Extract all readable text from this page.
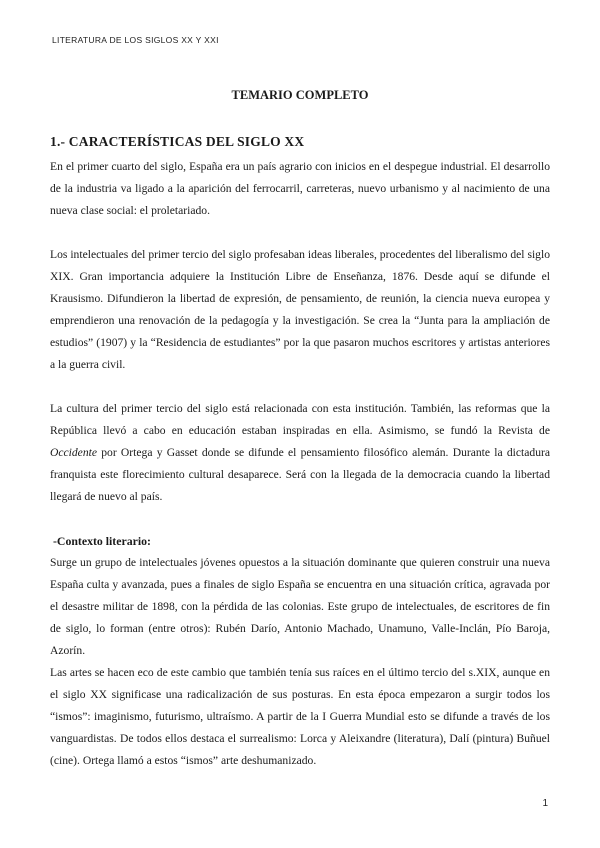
LITERATURA DE LOS SIGLOS XX Y XXI
TEMARIO COMPLETO
1.- CARACTERÍSTICAS DEL SIGLO XX

En el primer cuarto del siglo, España era un país agrario con inicios en el despegue industrial. El desarrollo de la industria va ligado a la aparición del ferrocarril, carreteras, nuevo urbanismo y al nacimiento de una nueva clase social: el proletariado.

Los intelectuales del primer tercio del siglo profesaban ideas liberales, procedentes del liberalismo del siglo XIX. Gran importancia adquiere la Institución Libre de Enseñanza, 1876. Desde aquí se difunde el Krausismo. Difundieron la libertad de expresión, de pensamiento, de reunión, la ciencia nueva europea y emprendieron una renovación de la pedagogía y la investigación. Se crea la “Junta para la ampliación de estudios” (1907) y la “Residencia de estudiantes” por la que pasaron muchos escritores y artistas anteriores a la guerra civil.

La cultura del primer tercio del siglo está relacionada con esta institución. También, las reformas que la República llevó a cabo en educación estaban inspiradas en ella. Asimismo, se fundó la Revista de Occidente por Ortega y Gasset donde se difunde el pensamiento filosófico alemán. Durante la dictadura franquista este florecimiento cultural desaparece. Será con la llegada de la democracia cuando la libertad llegará de nuevo al país.

-Contexto literario:

Surge un grupo de intelectuales jóvenes opuestos a la situación dominante que quieren construir una nueva España culta y avanzada, pues a finales de siglo España se encuentra en una situación crítica, agravada por el desastre militar de 1898, con la pérdida de las colonias. Este grupo de intelectuales, de escritores de fin de siglo, lo forman (entre otros): Rubén Darío, Antonio Machado, Unamuno, Valle-Inclán, Pío Baroja, Azorín.

Las artes se hacen eco de este cambio que también tenía sus raíces en el último tercio del s.XIX, aunque en el siglo XX significase una radicalización de sus posturas. En esta época empezaron a surgir todos los “ismos”: imaginismo, futurismo, ultraísmo. A partir de la I Guerra Mundial esto se difunde a través de los vanguardistas. De todos ellos destaca el surrealismo: Lorca y Aleixandre (literatura), Dalí (pintura) Buñuel (cine). Ortega llamó a estos “ismos” arte deshumanizado.

1
